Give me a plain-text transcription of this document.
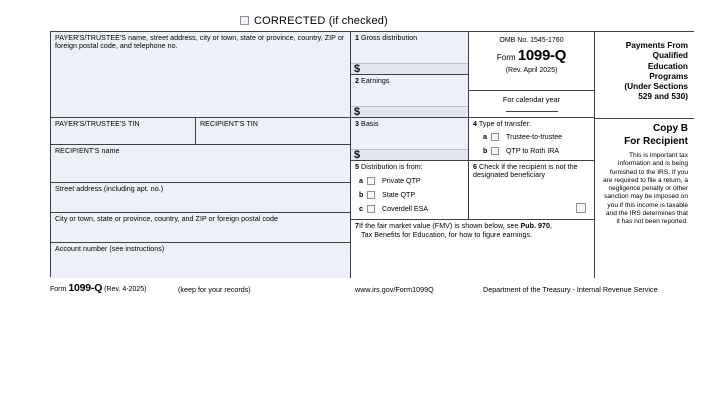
CORRECTED (if checked)
PAYER'S/TRUSTEE'S name, street address, city or town, state or province, country, ZIP or foreign postal code, and telephone no.
PAYER'S/TRUSTEE'S TIN	RECIPIENT'S TIN
RECIPIENT'S name
Street address (including apt. no.)
City or town, state or province, country, and ZIP or foreign postal code
Account number (see instructions)
1 Gross distribution
$
2 Earnings
$
3 Basis
$
5 Distribution is from:
a	Private QTP
b	State QTP
c	Coverdell ESA
OMB No. 1545-1760
Form 1099-Q
(Rev. April 2025)
For calendar year
4 Type of transfer:
a	Trustee-to-trustee
b	QTP to Roth IRA
6 Check if the recipient is not the designated beneficiary
7If the fair market value (FMV) is shown below, see Pub. 970,
Tax Benefits for Education, for how to figure earnings.
Payments From
Qualified
Education
Programs
(Under Sections
529 and 530)
Copy B
For Recipient
This is important tax information and is being furnished to the IRS. If you are required to file a return, a negligence penalty or other sanction may be imposed on you if this income is taxable and the IRS determines that it has not been reported.
Form 1099-Q (Rev. 4-2025)	(keep for your records)	www.irs.gov/Form1099Q	Department of the Treasury - Internal Revenue Service
